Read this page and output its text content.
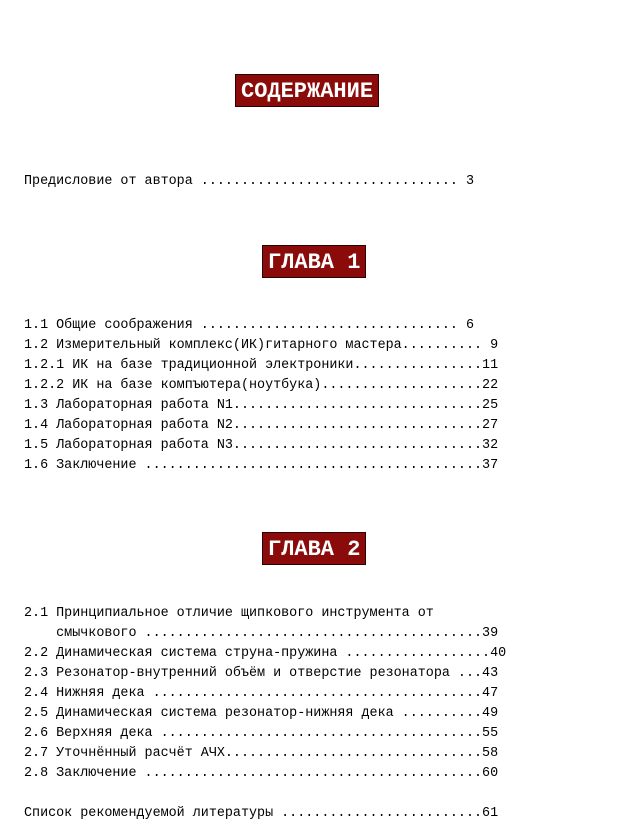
СОДЕРЖАНИЕ
Предисловие от автора ................................ 3
ГЛАВА 1
1.1 Общие соображения ................................ 6
1.2 Измерительный комплекс(ИК)гитарного мастера.......... 9
1.2.1 ИК на базе традиционной электроники................11
1.2.2 ИК на базе компъютера(ноутбука)....................22
1.3 Лабораторная работа N1...............................25
1.4 Лабораторная работа N2...............................27
1.5 Лабораторная работа N3...............................32
1.6 Заключение ..........................................37
ГЛАВА 2
2.1 Принципиальное отличие щипкового инструмента от
смычкового ..........................................39
2.2 Динамическая система струна-пружина ..................40
2.3 Резонатор-внутренний объём и отверстие резонатора ...43
2.4 Нижняя дека .........................................47
2.5 Динамическая система резонатор-нижняя дека ..........49
2.6 Верхняя дека ........................................55
2.7 Уточнённый расчёт АЧХ................................58
2.8 Заключение ..........................................60
Список рекомендуемой литературы .........................61
